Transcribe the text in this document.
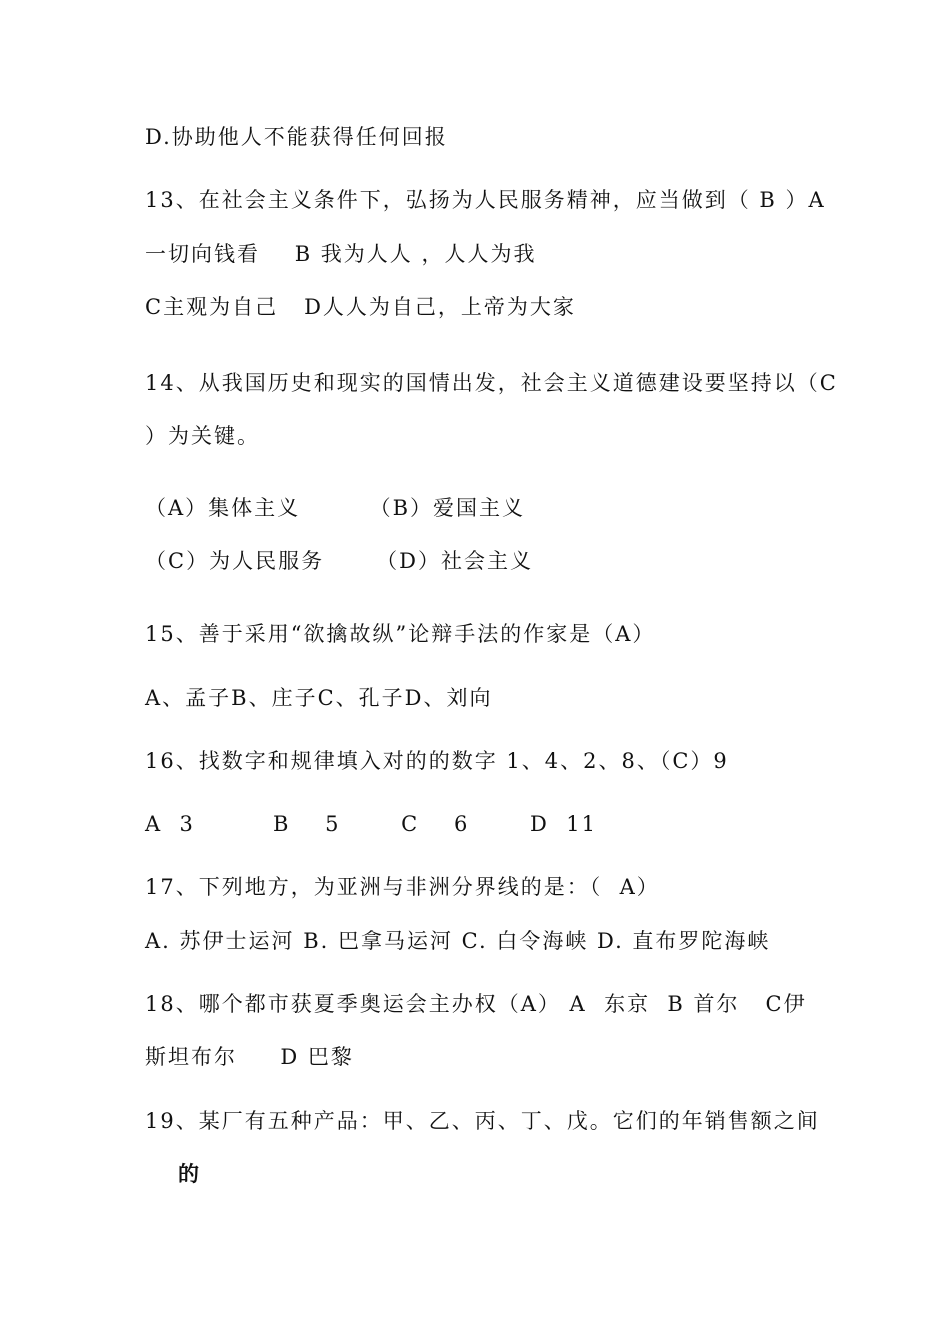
D.协助他人不能获得任何回报
13、在社会主义条件下，弘扬为人民服务精神，应当做到（ B ）A
一切向钱看    B 我为人人 ，人人为我
C主观为自己   D人人为自己，上帝为大家
14、从我国历史和现实的国情出发，社会主义道德建设要坚持以（C
）为关键。
（A）集体主义        （B）爱国主义
（C）为人民服务      （D）社会主义
15、善于采用“欲擒故纵”论辩手法的作家是（A）
A、孟子B、庄子C、孔子D、刘向
16、找数字和规律填入对的的数字 1、4、2、8、（C）9
A  3         B    5       C    6       D  11
17、下列地方，为亚洲与非洲分界线的是：（  A）
A. 苏伊士运河 B. 巴拿马运河 C. 白令海峡 D. 直布罗陀海峡
18、哪个都市获夏季奥运会主办权（A） A  东京  B 首尔   C伊
斯坦布尔     D 巴黎
19、某厂有五种产品：甲、乙、丙、丁、戊。它们的年销售额之间
的
